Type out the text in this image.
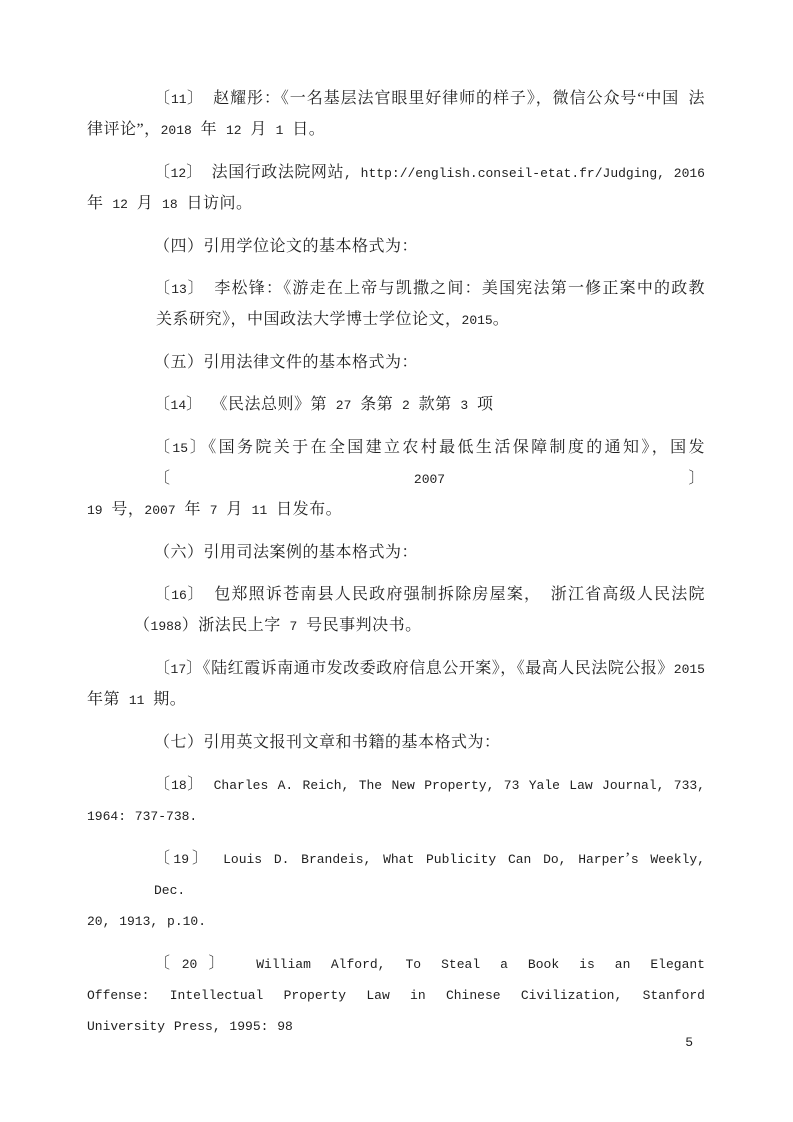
〔11〕 赵耀彤：《一名基层法官眼里好律师的样子》，微信公众号“中国 法
律评论”，2018 年 12 月 1 日。
〔12〕 法国行政法院网站, http://english.conseil-etat.fr/Judging, 2016
年 12 月 18 日访问。
（四）引用学位论文的基本格式为：
〔13〕 李松锋：《游走在上帝与凯撒之间：美国宪法第一修正案中的政教
关系研究》，中国政法大学博士学位论文，2015。
（五）引用法律文件的基本格式为：
〔14〕 《民法总则》第 27 条第 2 款第 3 项
〔15〕《国务院关于在全国建立农村最低生活保障制度的通知》，国发〔2007〕
19 号，2007 年 7 月 11 日发布。
（六）引用司法案例的基本格式为：
〔16〕 包郑照诉苍南县人民政府强制拆除房屋案， 浙江省高级人民法院
（1988）浙法民上字 7 号民事判决书。
〔17〕《陆红霞诉南通市发改委政府信息公开案》，《最高人民法院公报》2015
年第 11 期。
（七）引用英文报刊文章和书籍的基本格式为：
〔18〕 Charles A. Reich, The New Property, 73 Yale Law Journal, 733,
1964: 737-738.
〔19〕 Louis D. Brandeis, What Publicity Can Do, Harper’s Weekly, Dec.
20, 1913, p.10.
〔20〕 William Alford, To Steal a Book is an Elegant
Offense: Intellectual Property Law in Chinese Civilization, Stanford
University Press, 1995: 98
5
